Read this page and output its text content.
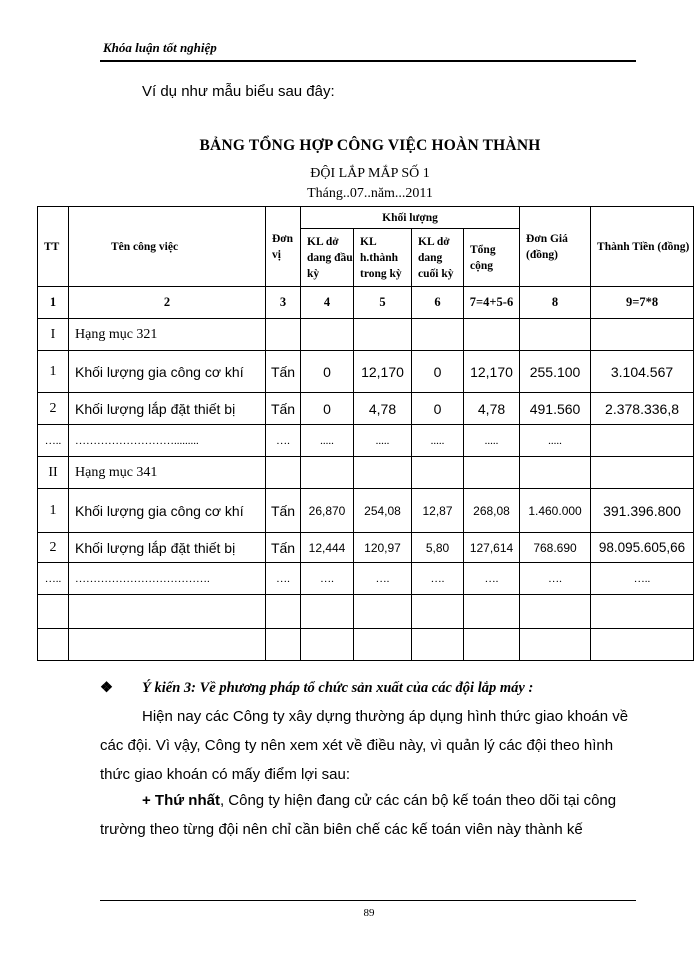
Khóa luận tốt nghiệp
Ví dụ như mẫu biểu sau đây:
BẢNG TỔNG HỢP CÔNG VIỆC HOÀN THÀNH
ĐỘI LẮP MẮP SỐ 1
Tháng..07..năm...2011
TT	Tên công việc	Đơn vị	Khối lượng				Đơn Giá (đồng)	Thành Tiền (đồng)
			KL dở dang đầu kỳ	KL h.thành trong kỳ	KL dở dang cuối kỳ	Tổng cộng		
1	2	3	4	5	6	7=4+5-6	8	9=7*8
I	Hạng mục 321							
1	Khối lượng gia công cơ khí	Tấn	0	12,170	0	12,170	255.100	3.104.567
2	Khối lượng lắp đặt thiết bị	Tấn	0	4,78	0	4,78	491.560	2.378.336,8
…..	……………………….........	….	.....	.....	.....	.....	.....	
II	Hạng mục 341							
1	Khối lượng gia công cơ khí	Tấn	26,870	254,08	12,87	268,08	1.460.000	391.396.800
2	Khối lượng lắp đặt thiết bị	Tấn	12,444	120,97	5,80	127,614	768.690	98.095.605,66
…..	……………………………….	….	….	….	….	….	….	…..

❖ Ý kiến 3: Về phương pháp tổ chức sản xuất của các đội lắp máy :
Hiện nay các Công ty xây dựng thường áp dụng hình thức giao khoán về các đội. Vì vậy, Công ty nên xem xét về điều này, vì quản lý các đội theo hình thức giao khoán có mấy điểm lợi sau:
+ Thứ nhất, Công ty hiện đang cử các cán bộ kế toán theo dõi tại công trường theo từng đội nên chỉ cần biên chế các kế toán viên này thành kế
89
